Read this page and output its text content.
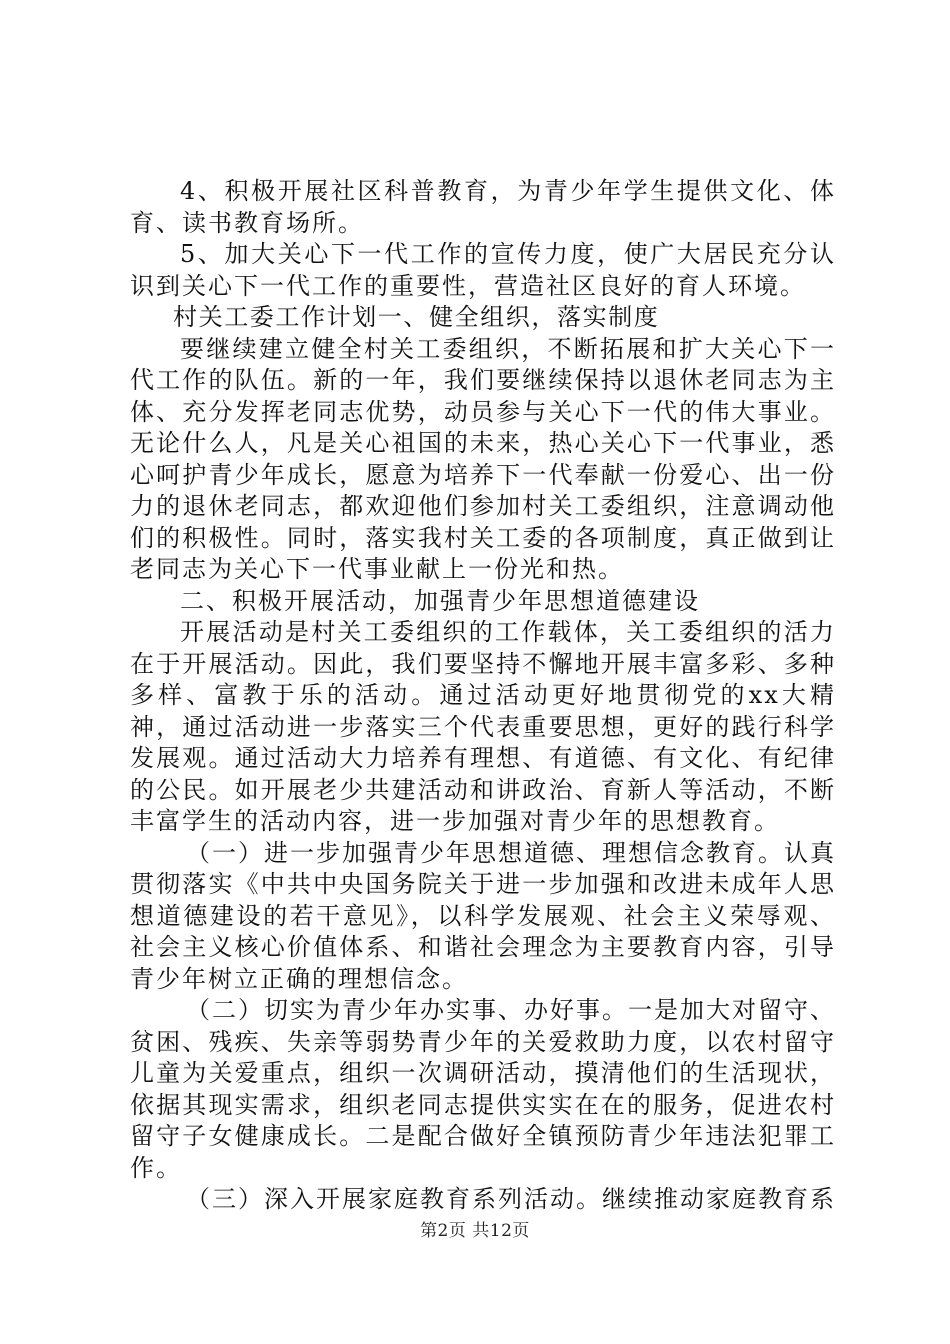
4、积极开展社区科普教育，为青少年学生提供文化、体育、读书教育场所。

5、加大关心下一代工作的宣传力度，使广大居民充分认识到关心下一代工作的重要性，营造社区良好的育人环境。

村关工委工作计划一、健全组织，落实制度

要继续建立健全村关工委组织，不断拓展和扩大关心下一代工作的队伍。新的一年，我们要继续保持以退休老同志为主体、充分发挥老同志优势，动员参与关心下一代的伟大事业。无论什么人，凡是关心祖国的未来，热心关心下一代事业，悉心呵护青少年成长，愿意为培养下一代奉献一份爱心、出一份力的退休老同志，都欢迎他们参加村关工委组织，注意调动他们的积极性。同时，落实我村关工委的各项制度，真正做到让老同志为关心下一代事业献上一份光和热。

二、积极开展活动，加强青少年思想道德建设

开展活动是村关工委组织的工作载体，关工委组织的活力在于开展活动。因此，我们要坚持不懈地开展丰富多彩、多种多样、富教于乐的活动。通过活动更好地贯彻党的xx大精神，通过活动进一步落实三个代表重要思想，更好的践行科学发展观。通过活动大力培养有理想、有道德、有文化、有纪律的公民。如开展老少共建活动和讲政治、育新人等活动，不断丰富学生的活动内容，进一步加强对青少年的思想教育。

（一）进一步加强青少年思想道德、理想信念教育。认真贯彻落实《中共中央国务院关于进一步加强和改进未成年人思想道德建设的若干意见》，以科学发展观、社会主义荣辱观、社会主义核心价值体系、和谐社会理念为主要教育内容，引导青少年树立正确的理想信念。

（二）切实为青少年办实事、办好事。一是加大对留守、贫困、残疾、失亲等弱势青少年的关爱救助力度，以农村留守儿童为关爱重点，组织一次调研活动，摸清他们的生活现状，依据其现实需求，组织老同志提供实实在在的服务，促进农村留守子女健康成长。二是配合做好全镇预防青少年违法犯罪工作。

（三）深入开展家庭教育系列活动。继续推动家庭教育系

第2页 共12页
